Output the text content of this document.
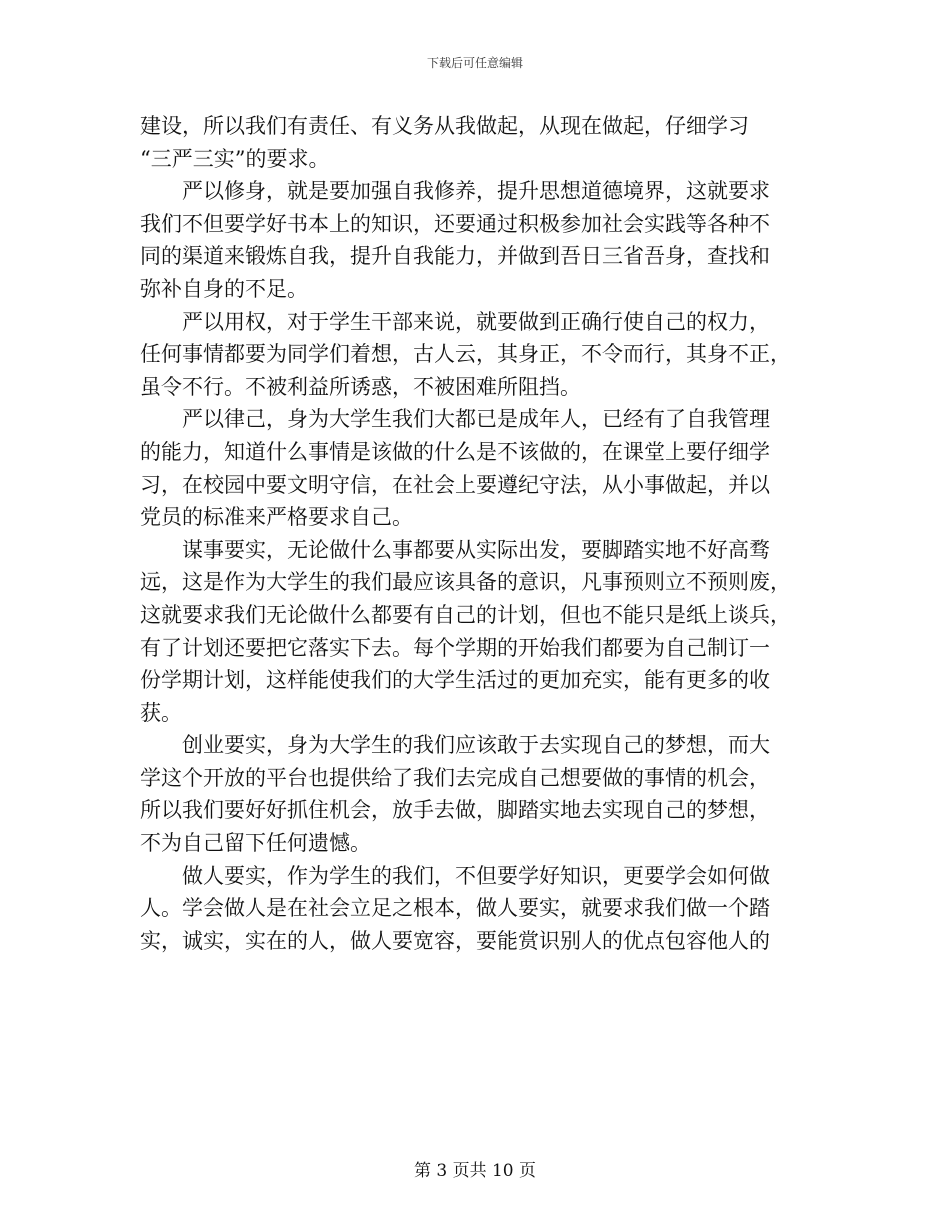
下载后可任意编辑
建设，所以我们有责任、有义务从我做起，从现在做起，仔细学习
“三严三实”的要求。
　　严以修身，就是要加强自我修养，提升思想道德境界，这就要求
我们不但要学好书本上的知识，还要通过积极参加社会实践等各种不
同的渠道来锻炼自我，提升自我能力，并做到吾日三省吾身，查找和
弥补自身的不足。
　　严以用权，对于学生干部来说，就要做到正确行使自己的权力，
任何事情都要为同学们着想，古人云，其身正，不令而行，其身不正，
虽令不行。不被利益所诱惑，不被困难所阻挡。
　　严以律己，身为大学生我们大都已是成年人，已经有了自我管理
的能力，知道什么事情是该做的什么是不该做的，在课堂上要仔细学
习，在校园中要文明守信，在社会上要遵纪守法，从小事做起，并以
党员的标准来严格要求自己。
　　谋事要实，无论做什么事都要从实际出发，要脚踏实地不好高骛
远，这是作为大学生的我们最应该具备的意识，凡事预则立不预则废，
这就要求我们无论做什么都要有自己的计划，但也不能只是纸上谈兵，
有了计划还要把它落实下去。每个学期的开始我们都要为自己制订一
份学期计划，这样能使我们的大学生活过的更加充实，能有更多的收
获。
　　创业要实，身为大学生的我们应该敢于去实现自己的梦想，而大
学这个开放的平台也提供给了我们去完成自己想要做的事情的机会，
所以我们要好好抓住机会，放手去做，脚踏实地去实现自己的梦想，
不为自己留下任何遗憾。
　　做人要实，作为学生的我们，不但要学好知识，更要学会如何做
人。学会做人是在社会立足之根本，做人要实，就要求我们做一个踏
实，诚实，实在的人，做人要宽容，要能赏识别人的优点包容他人的
第 3 页共 10 页
